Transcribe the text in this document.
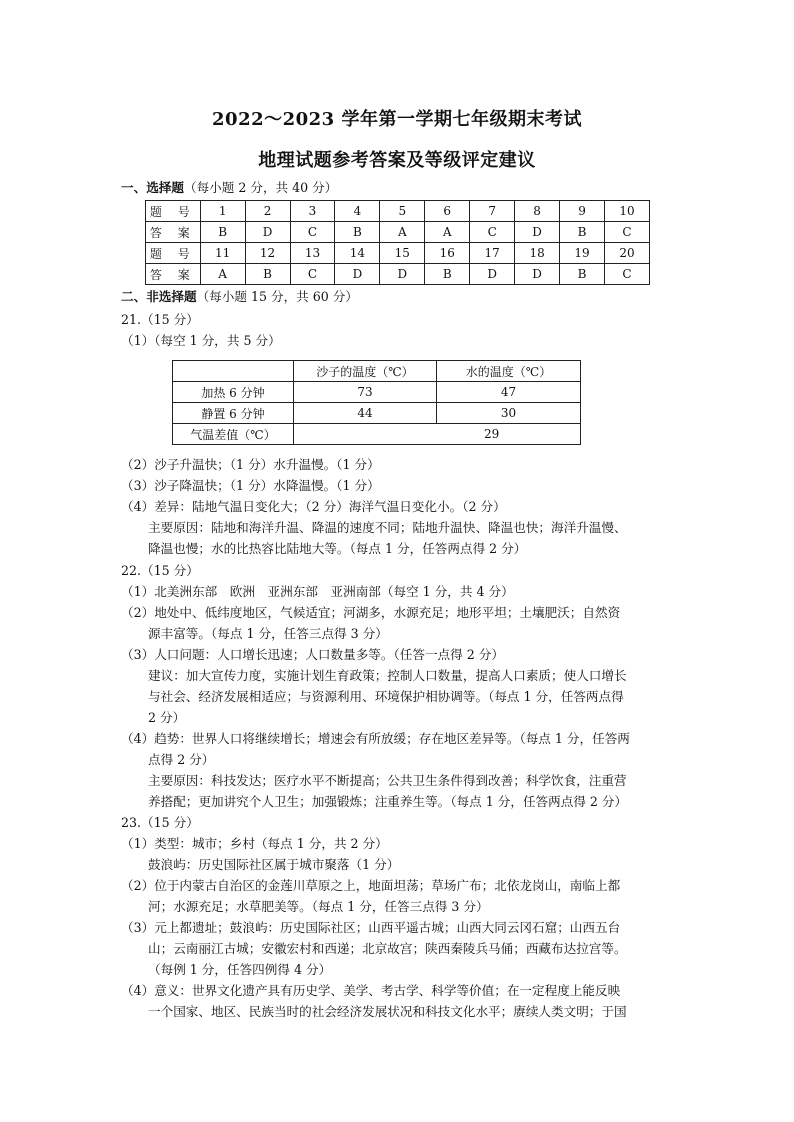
2022～2023 学年第一学期七年级期末考试
地理试题参考答案及等级评定建议
一、选择题（每小题 2 分，共 40 分）
题 号	1	2	3	4	5	6	7	8	9	10
答 案	B	D	C	B	A	A	C	D	B	C
题 号	11	12	13	14	15	16	17	18	19	20
答 案	A	B	C	D	D	B	D	D	B	C
二、非选择题（每小题 15 分，共 60 分）
21.（15 分）
（1）（每空 1 分，共 5 分）
	沙子的温度（℃）	水的温度（℃）
加热 6 分钟	73	47
静置 6 分钟	44	30
气温差值（℃）	29	
（2）沙子升温快；（1 分）水升温慢。（1 分）
（3）沙子降温快；（1 分）水降温慢。（1 分）
（4）差异：陆地气温日变化大；（2 分）海洋气温日变化小。（2 分）
主要原因：陆地和海洋升温、降温的速度不同；陆地升温快、降温也快；海洋升温慢、
降温也慢；水的比热容比陆地大等。（每点 1 分，任答两点得 2 分）
22.（15 分）
（1）北美洲东部　欧洲　亚洲东部　亚洲南部（每空 1 分，共 4 分）
（2）地处中、低纬度地区，气候适宜；河湖多，水源充足；地形平坦；土壤肥沃；自然资
源丰富等。（每点 1 分，任答三点得 3 分）
（3）人口问题：人口增长迅速；人口数量多等。（任答一点得 2 分）
建议：加大宣传力度，实施计划生育政策；控制人口数量，提高人口素质；使人口增长
与社会、经济发展相适应；与资源利用、环境保护相协调等。（每点 1 分，任答两点得
2 分）
（4）趋势：世界人口将继续增长；增速会有所放缓；存在地区差异等。（每点 1 分，任答两
点得 2 分）
主要原因：科技发达；医疗水平不断提高；公共卫生条件得到改善；科学饮食，注重营
养搭配；更加讲究个人卫生；加强锻炼；注重养生等。（每点 1 分，任答两点得 2 分）
23.（15 分）
（1）类型：城市；乡村（每点 1 分，共 2 分）
鼓浪屿：历史国际社区属于城市聚落（1 分）
（2）位于内蒙古自治区的金莲川草原之上，地面坦荡；草场广布；北依龙岗山，南临上都
河；水源充足；水草肥美等。（每点 1 分，任答三点得 3 分）
（3）元上都遗址；鼓浪屿：历史国际社区；山西平遥古城；山西大同云冈石窟；山西五台
山；云南丽江古城；安徽宏村和西递；北京故宫；陕西秦陵兵马俑；西藏布达拉宫等。
（每例 1 分，任答四例得 4 分）
（4）意义：世界文化遗产具有历史学、美学、考古学、科学等价值；在一定程度上能反映
一个国家、地区、民族当时的社会经济发展状况和科技文化水平；赓续人类文明；于国
